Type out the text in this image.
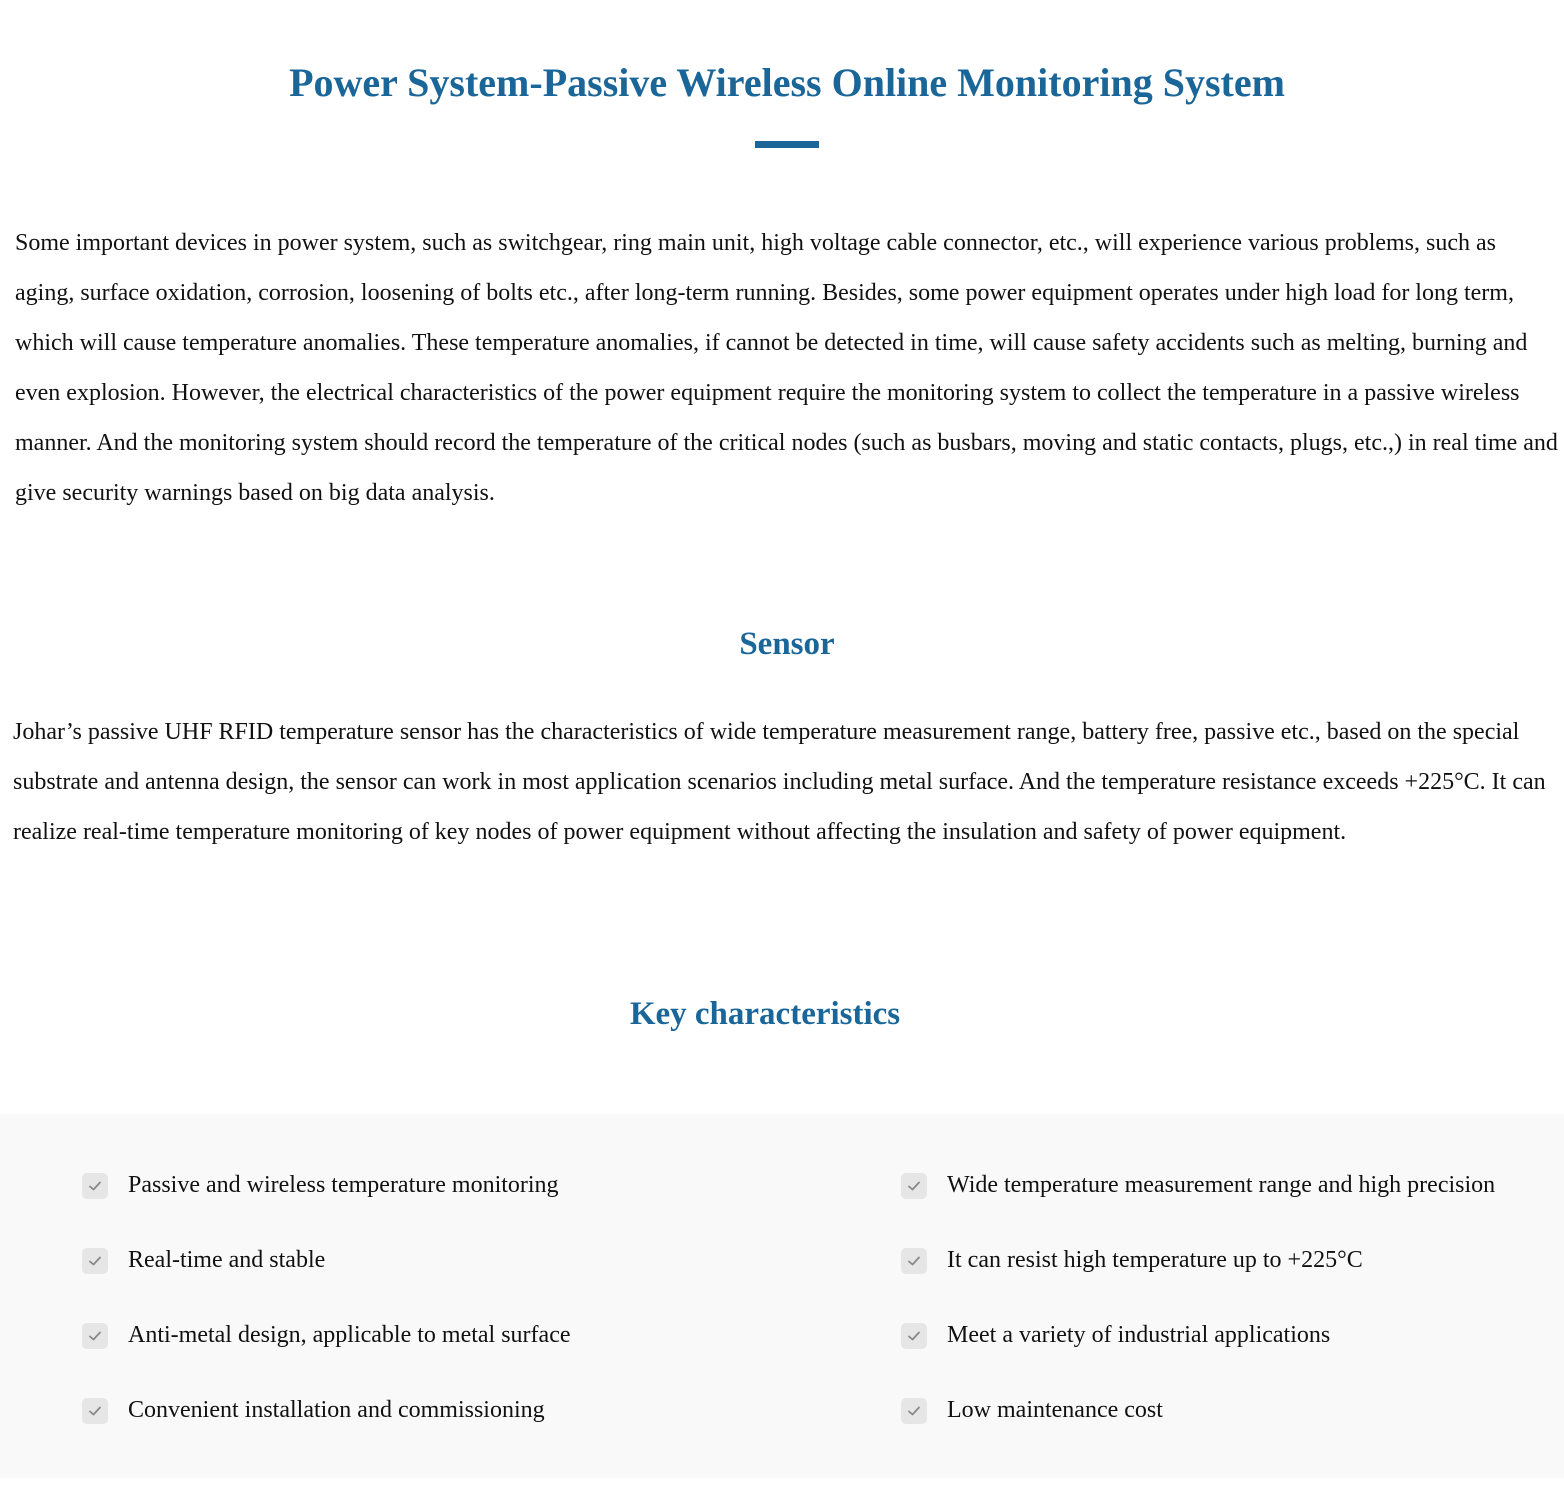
Power System-Passive Wireless Online Monitoring System

Some important devices in power system, such as switchgear, ring main unit, high voltage cable connector, etc., will experience various problems, such as aging, surface oxidation, corrosion, loosening of bolts etc., after long-term running. Besides, some power equipment operates under high load for long term, which will cause temperature anomalies. These temperature anomalies, if cannot be detected in time, will cause safety accidents such as melting, burning and even explosion. However, the electrical characteristics of the power equipment require the monitoring system to collect the temperature in a passive wireless manner. And the monitoring system should record the temperature of the critical nodes (such as busbars, moving and static contacts, plugs, etc.,) in real time and give security warnings based on big data analysis.

Sensor

Johar’s passive UHF RFID temperature sensor has the characteristics of wide temperature measurement range, battery free, passive etc., based on the special substrate and antenna design, the sensor can work in most application scenarios including metal surface. And the temperature resistance exceeds +225°C. It can realize real-time temperature monitoring of key nodes of power equipment without affecting the insulation and safety of power equipment.

Key characteristics
Passive and wireless temperature monitoring
Real-time and stable
Anti-metal design, applicable to metal surface
Convenient installation and commissioning
Wide temperature measurement range and high precision
It can resist high temperature up to +225°C
Meet a variety of industrial applications
Low maintenance cost
